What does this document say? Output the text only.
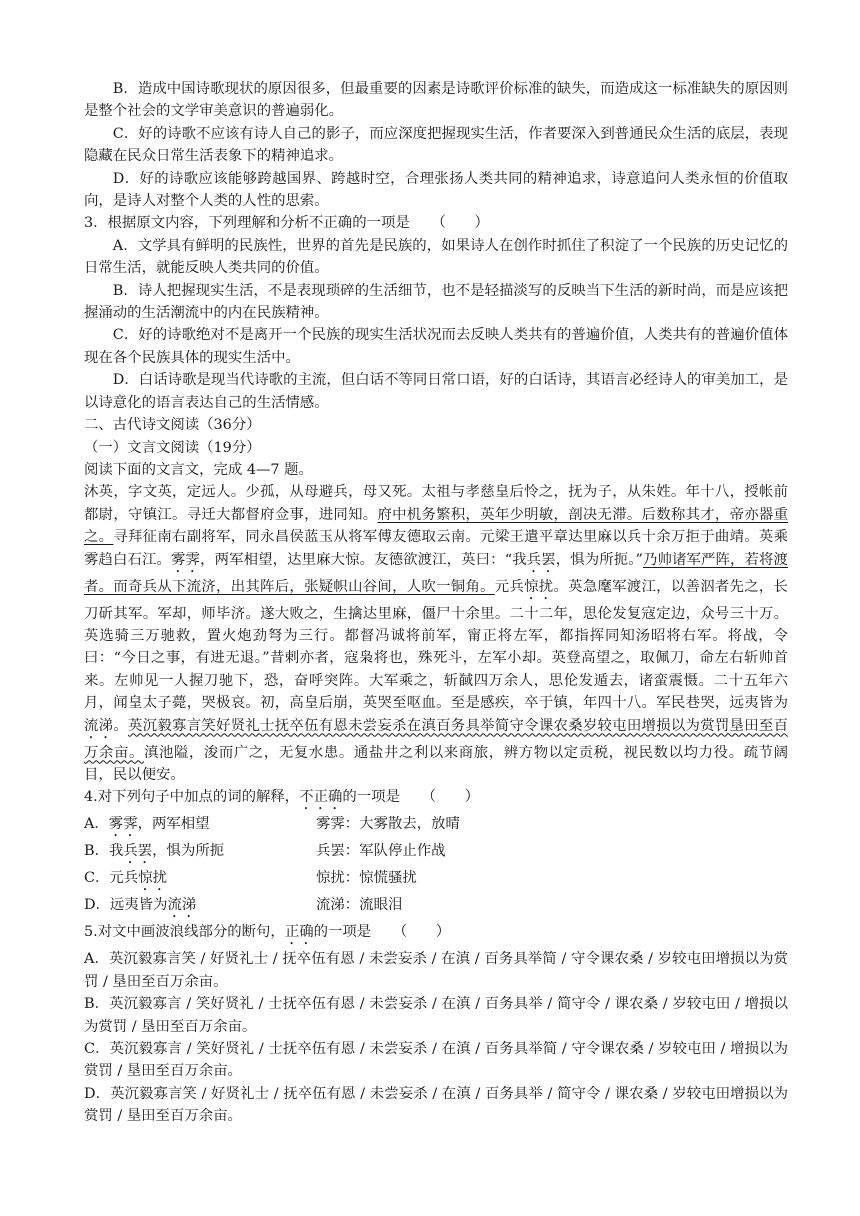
B．造成中国诗歌现状的原因很多，但最重要的因素是诗歌评价标准的缺失，而造成这一标准缺失的原因则是整个社会的文学审美意识的普遍弱化。

C．好的诗歌不应该有诗人自己的影子，而应深度把握现实生活，作者要深入到普通民众生活的底层，表现隐藏在民众日常生活表象下的精神追求。

D．好的诗歌应该能够跨越国界、跨越时空，合理张扬人类共同的精神追求，诗意追问人类永恒的价值取向，是诗人对整个人类的人性的思索。

3．根据原文内容，下列理解和分析不正确的一项是　　（　　）

A．文学具有鲜明的民族性，世界的首先是民族的，如果诗人在创作时抓住了积淀了一个民族的历史记忆的日常生活，就能反映人类共同的价值。

B．诗人把握现实生活，不是表现琐碎的生活细节，也不是轻描淡写的反映当下生活的新时尚，而是应该把握涌动的生活潮流中的内在民族精神。

C．好的诗歌绝对不是离开一个民族的现实生活状况而去反映人类共有的普遍价值，人类共有的普遍价值体现在各个民族具体的现实生活中。

D．白话诗歌是现当代诗歌的主流，但白话不等同日常口语，好的白话诗，其语言必经诗人的审美加工，是以诗意化的语言表达自己的生活情感。

二、古代诗文阅读（36分）

（一）文言文阅读（19分）

阅读下面的文言文，完成 4—7 题。

沐英，字文英，定远人。少孤，从母避兵，母又死。太祖与孝慈皇后怜之，抚为子，从朱姓。年十八，授帐前都尉，守镇江。寻迁大都督府佥事，进同知。府中机务繁积，英年少明敏，剖决无滞。后数称其才，帝亦器重之。寻拜征南右副将军，同永昌侯蓝玉从将军傅友德取云南。元梁王遣平章达里麻以兵十余万拒于曲靖。英乘雾趋白石江。雾霁，两军相望，达里麻大惊。友德欲渡江，英曰：“我兵罢，惧为所扼。”乃帅诸军严阵，若将渡者。而奇兵从下流济，出其阵后，张疑帜山谷间，人吹一铜角。元兵惊扰。英急麾军渡江，以善泅者先之，长刀斫其军。军却，师毕济。遂大败之，生擒达里麻，僵尸十余里。二十二年，思伦发复寇定边，众号三十万。英选骑三万驰救，置火炮劲弩为三行。都督冯诚将前军，甯正将左军，都指挥同知汤昭将右军。将战，令曰：“今日之事，有进无退。”昔剌亦者，寇枭将也，殊死斗，左军小却。英登高望之，取佩刀，命左右斩帅首来。左帅见一人握刀驰下，恐，奋呼突阵。大军乘之，斩馘四万余人，思伦发遁去，诸蛮震慑。二十五年六月，闻皇太子薨，哭极哀。初，高皇后崩，英哭至呕血。至是感疾，卒于镇，年四十八。军民巷哭，远夷皆为流涕。英沉毅寡言笑好贤礼士抚卒伍有恩未尝妄杀在滇百务具举简守令课农桑岁较屯田增损以为赏罚垦田至百万余亩。滇池隘，浚而广之，无复水患。通盐井之利以来商旅，辨方物以定贡税，视民数以均力役。疏节阔目，民以便安。

4.对下列句子中加点的词的解释，不正确的一项是　　（　　）

A．雾霁，两军相望	雾霁：大雾散去，放晴
B．我兵罢，惧为所扼	兵罢：军队停止作战
C．元兵惊扰	惊扰：惊慌骚扰
D．远夷皆为流涕	流涕：流眼泪

5.对文中画波浪线部分的断句，正确的一项是　　（　　）

A．英沉毅寡言笑 / 好贤礼士 / 抚卒伍有恩 / 未尝妄杀 / 在滇 / 百务具举简 / 守令课农桑 / 岁较屯田增损以为赏罚 / 垦田至百万余亩。

B．英沉毅寡言 / 笑好贤礼 / 士抚卒伍有恩 / 未尝妄杀 / 在滇 / 百务具举 / 简守令 / 课农桑 / 岁较屯田 / 增损以为赏罚 / 垦田至百万余亩。

C．英沉毅寡言 / 笑好贤礼 / 士抚卒伍有恩 / 未尝妄杀 / 在滇 / 百务具举简 / 守令课农桑 / 岁较屯田 / 增损以为赏罚 / 垦田至百万余亩。

D．英沉毅寡言笑 / 好贤礼士 / 抚卒伍有恩 / 未尝妄杀 / 在滇 / 百务具举 / 简守令 / 课农桑 / 岁较屯田增损以为赏罚 / 垦田至百万余亩。
